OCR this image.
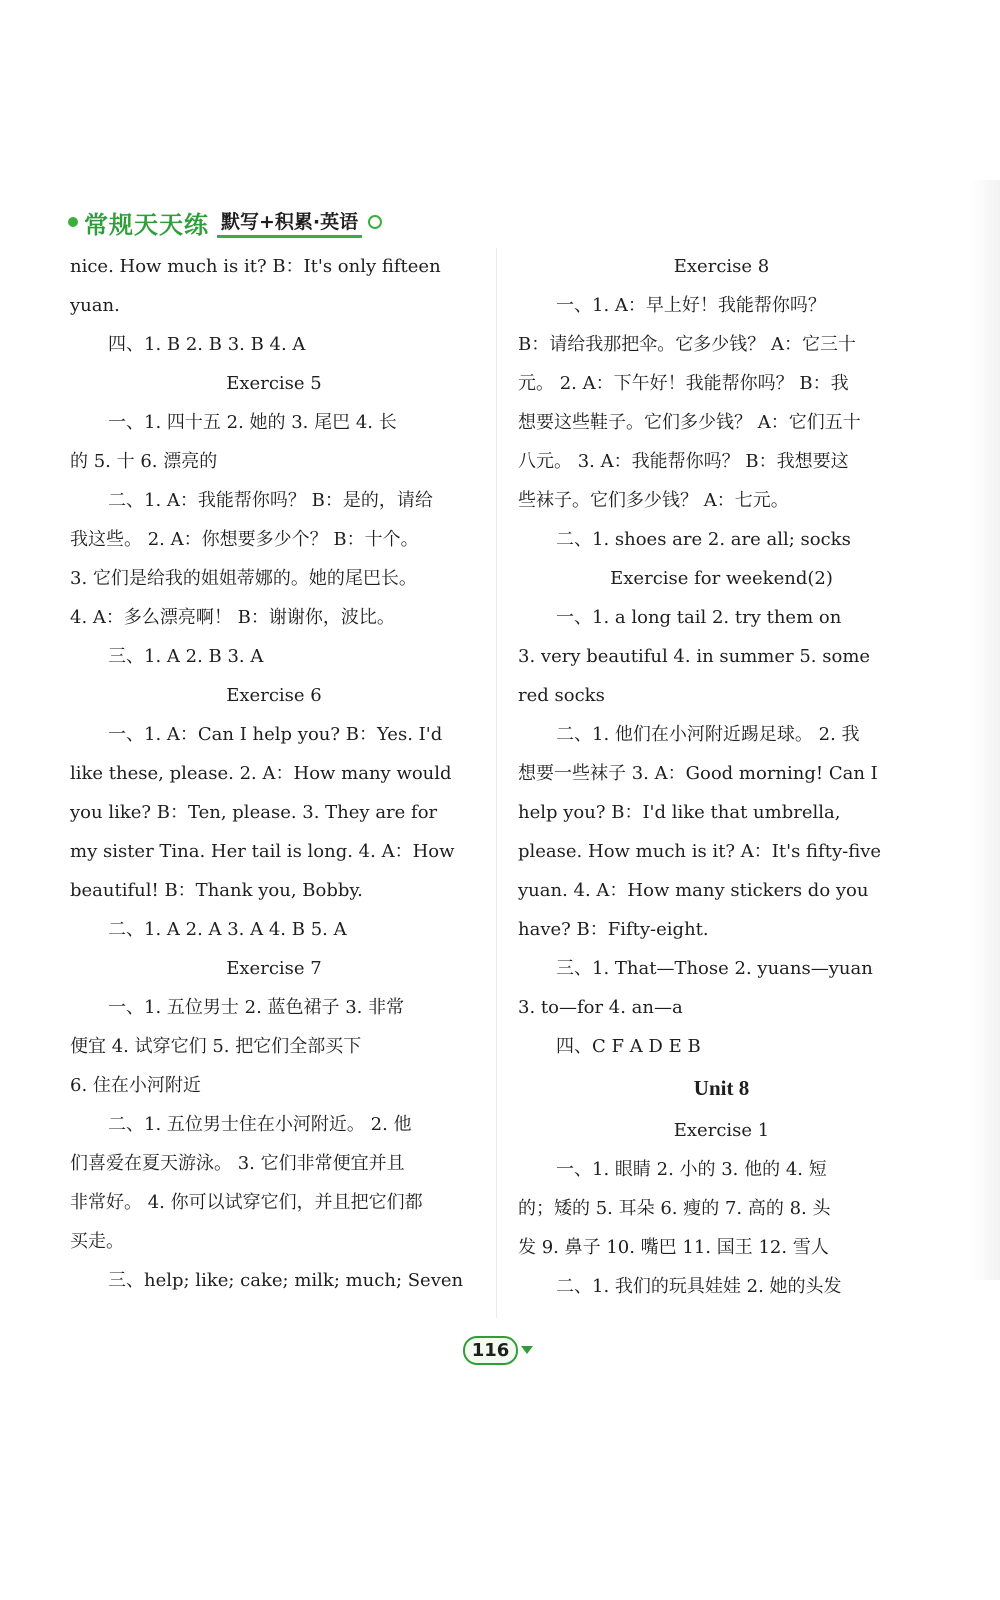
常规天天练 默写+积累·英语
nice. How much is it? B：It's only fifteen
yuan.
四、1. B 2. B 3. B 4. A
Exercise 5
一、1. 四十五 2. 她的 3. 尾巴 4. 长
的 5. 十 6. 漂亮的
二、1. A：我能帮你吗？ B：是的，请给
我这些。 2. A：你想要多少个？ B：十个。
3. 它们是给我的姐姐蒂娜的。她的尾巴长。
4. A：多么漂亮啊！ B：谢谢你，波比。
三、1. A 2. B 3. A
Exercise 6
一、1. A：Can I help you? B：Yes. I'd
like these, please. 2. A：How many would
you like? B：Ten, please. 3. They are for
my sister Tina. Her tail is long. 4. A：How
beautiful! B：Thank you, Bobby.
二、1. A 2. A 3. A 4. B 5. A
Exercise 7
一、1. 五位男士 2. 蓝色裙子 3. 非常
便宜 4. 试穿它们 5. 把它们全部买下
6. 住在小河附近
二、1. 五位男士住在小河附近。 2. 他
们喜爱在夏天游泳。 3. 它们非常便宜并且
非常好。 4. 你可以试穿它们，并且把它们都
买走。
三、help; like; cake; milk; much; Seven
Exercise 8
一、1. A：早上好！我能帮你吗？
B：请给我那把伞。它多少钱？ A：它三十
元。 2. A：下午好！我能帮你吗？ B：我
想要这些鞋子。它们多少钱？ A：它们五十
八元。 3. A：我能帮你吗？ B：我想要这
些袜子。它们多少钱？ A：七元。
二、1. shoes are 2. are all; socks
Exercise for weekend(2)
一、1. a long tail 2. try them on
3. very beautiful 4. in summer 5. some
red socks
二、1. 他们在小河附近踢足球。 2. 我
想要一些袜子 3. A：Good morning! Can I
help you? B：I'd like that umbrella,
please. How much is it? A：It's fifty-five
yuan. 4. A：How many stickers do you
have? B：Fifty-eight.
三、1. That—Those 2. yuans—yuan
3. to—for 4. an—a
四、C F A D E B
Unit 8
Exercise 1
一、1. 眼睛 2. 小的 3. 他的 4. 短
的；矮的 5. 耳朵 6. 瘦的 7. 高的 8. 头
发 9. 鼻子 10. 嘴巴 11. 国王 12. 雪人
二、1. 我们的玩具娃娃 2. 她的头发
116
